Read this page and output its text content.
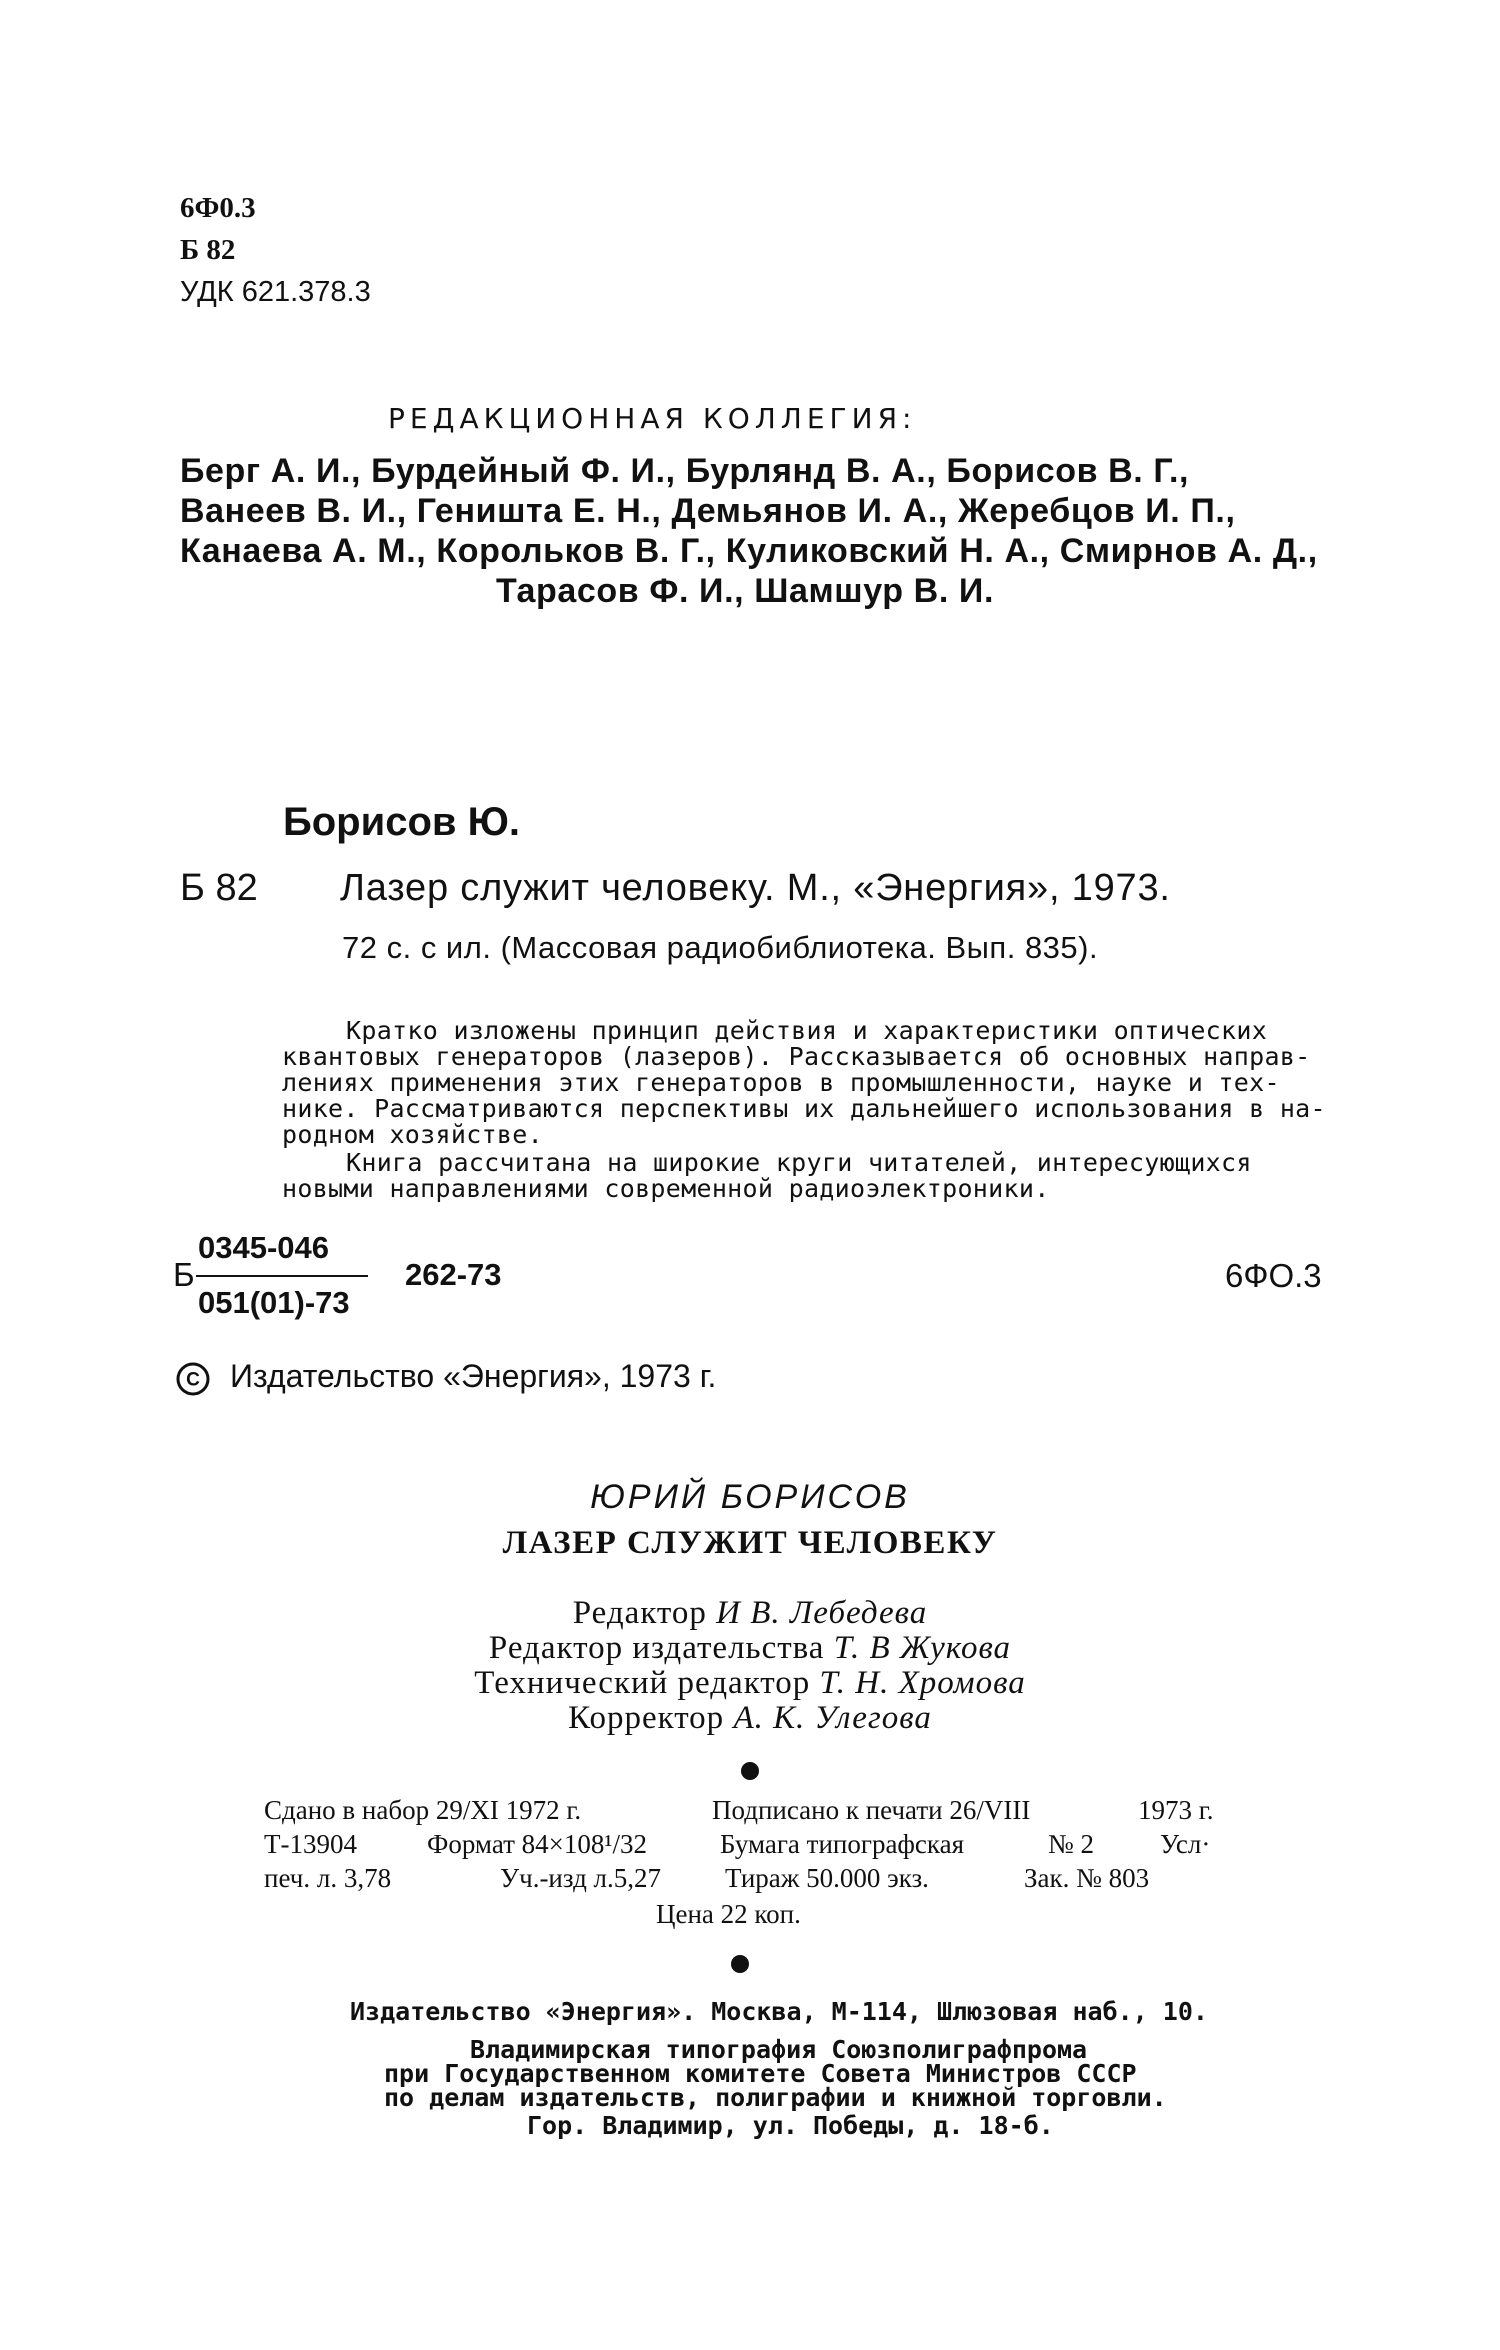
6Ф0.3
Б 82
УДК 621.378.3
РЕДАКЦИОННАЯ КОЛЛЕГИЯ:
Берг А. И., Бурдейный Ф. И., Бурлянд В. А., Борисов В. Г.,
Ванеев В. И., Геништа Е. Н., Демьянов И. А., Жеребцов И. П.,
Канаева А. М., Корольков В. Г., Куликовский Н. А., Смирнов А. Д.,
Тарасов Ф. И., Шамшур В. И.
Борисов Ю.
Б 82 Лазер служит человеку. М., «Энергия», 1973.
72 с. с ил. (Массовая радиобиблиотека. Вып. 835).
Кратко изложены принцип действия и характеристики оптических
квантовых генераторов (лазеров). Рассказывается об основных направ-
лениях применения этих генераторов в промышленности, науке и тех-
нике. Рассматриваются перспективы их дальнейшего использования в на-
родном хозяйстве.
Книга рассчитана на широкие круги читателей, интересующихся
новыми направлениями современной радиоэлектроники.
Б
0345-046
051(01)-73
262-73	6ФО.3
C Издательство «Энергия», 1973 г.
ЮРИЙ БОРИСОВ
ЛАЗЕР СЛУЖИТ ЧЕЛОВЕКУ
Редактор И В. Лебедева
Редактор издательства Т. В Жукова
Технический редактор Т. Н. Хромова
Корректор А. К. Улегова
Сдано в набор 29/XI 1972 г.	Подписано к печати 26/VIII	1973 г.
Т-13904	Формат 84×108¹/32	Бумага типографская	№ 2 Усл·
печ. л. 3,78	Уч.-изд л.5,27 Тираж 50.000 экз.	Зак. № 803
Цена 22 коп.
Издательство «Энергия». Москва, М-114, Шлюзовая наб., 10.
Владимирская типография Союзполиграфпрома
при Государственном комитете Совета Министров СССР
по делам издательств, полиграфии и книжной торговли.
Гор. Владимир, ул. Победы, д. 18-б.
